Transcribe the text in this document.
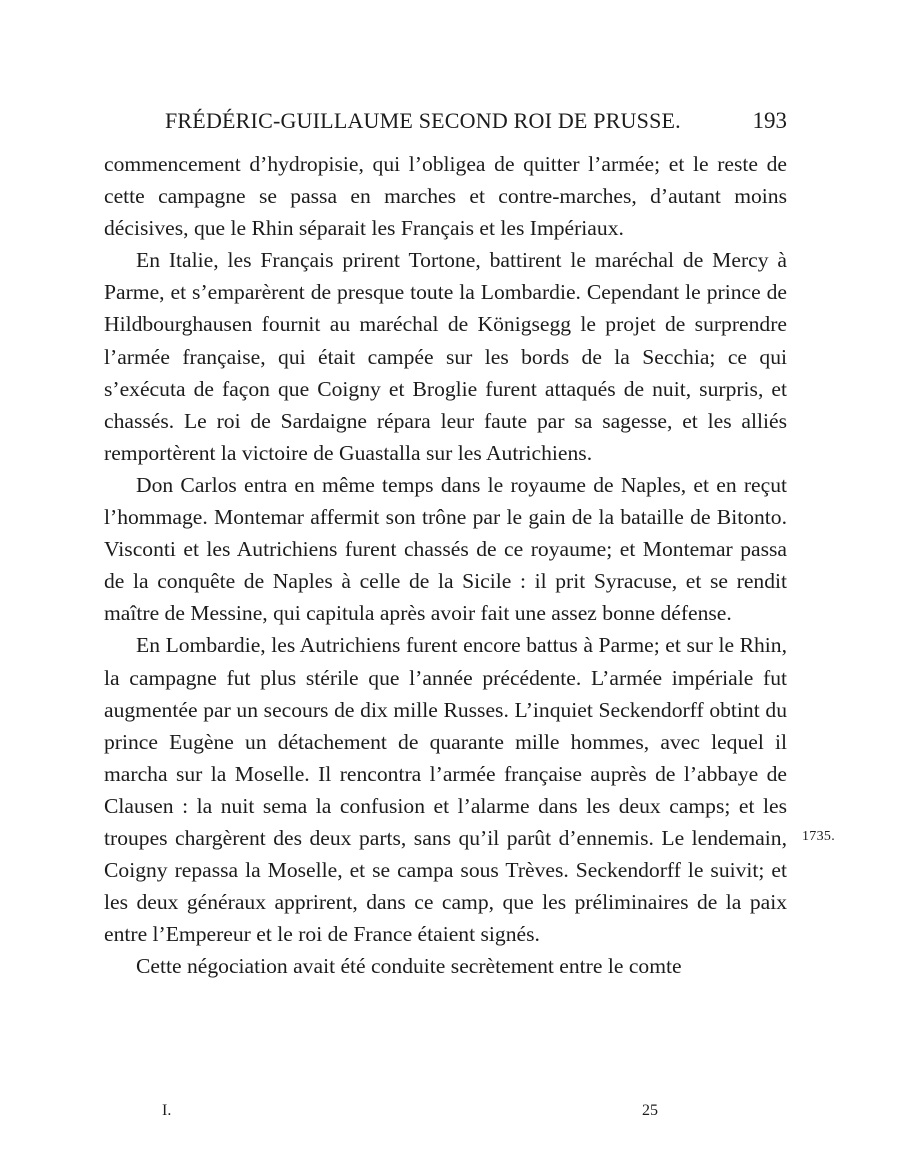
FRÉDÉRIC-GUILLAUME SECOND ROI DE PRUSSE.	193

commencement d’hydropisie, qui l’obligea de quitter l’armée; et le reste de cette campagne se passa en marches et contre-marches, d’autant moins décisives, que le Rhin séparait les Français et les Impériaux.

En Italie, les Français prirent Tortone, battirent le maréchal de Mercy à Parme, et s’emparèrent de presque toute la Lombardie. Cependant le prince de Hildbourghausen fournit au maréchal de Königsegg le projet de surprendre l’armée française, qui était campée sur les bords de la Secchia; ce qui s’exécuta de façon que Coigny et Broglie furent attaqués de nuit, surpris, et chassés. Le roi de Sardaigne répara leur faute par sa sagesse, et les alliés remportèrent la victoire de Guastalla sur les Autrichiens.

Don Carlos entra en même temps dans le royaume de Naples, et en reçut l’hommage. Montemar affermit son trône par le gain de la bataille de Bitonto. Visconti et les Autrichiens furent chassés de ce royaume; et Montemar passa de la conquête de Naples à celle de la Sicile : il prit Syracuse, et se rendit maître de Messine, qui capitula après avoir fait une assez bonne défense.

En Lombardie, les Autrichiens furent encore battus à Parme; et sur le Rhin, la campagne fut plus stérile que l’année précédente. L’armée impériale fut augmentée par un secours de dix mille Russes. L’inquiet Seckendorff obtint du prince Eugène un détachement de quarante mille hommes, avec lequel il marcha sur la Moselle. Il rencontra l’armée française auprès de l’abbaye de Clausen : la nuit sema la confusion et l’alarme dans les deux camps; et les troupes chargèrent des deux parts, sans qu’il parût d’ennemis. Le lendemain, Coigny repassa la Moselle, et se campa sous Trèves. Seckendorff le suivit; et les deux généraux apprirent, dans ce camp, que les préliminaires de la paix entre l’Empereur et le roi de France étaient signés.

Cette négociation avait été conduite secrètement entre le comte

1735.
I.	25
